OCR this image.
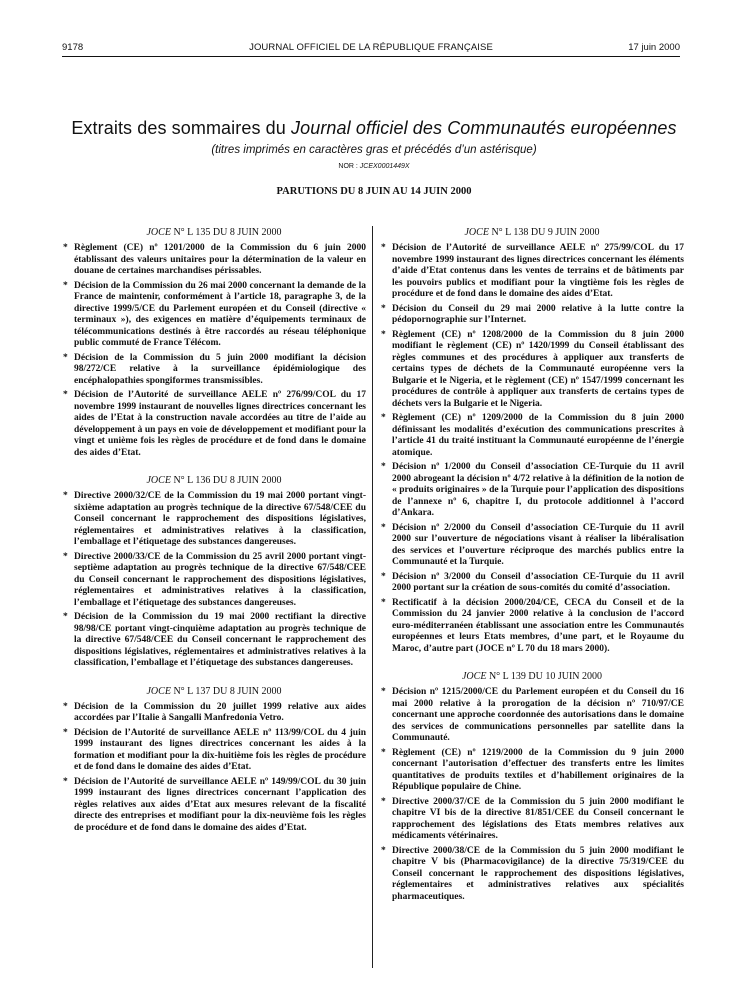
9178	JOURNAL OFFICIEL DE LA RÉPUBLIQUE FRANÇAISE	17 juin 2000
Extraits des sommaires du Journal officiel des Communautés européennes
(titres imprimés en caractères gras et précédés d’un astérisque)
NOR : JCEX0001449X
PARUTIONS DU 8 JUIN AU 14 JUIN 2000
JOCE N° L 135 DU 8 JUIN 2000
* Règlement (CE) nº 1201/2000 de la Commission du 6 juin 2000 établissant des valeurs unitaires pour la détermination de la valeur en douane de certaines marchandises périssables.
* Décision de la Commission du 26 mai 2000 concernant la demande de la France de maintenir, conformément à l’article 18, paragraphe 3, de la directive 1999/5/CE du Parlement européen et du Conseil (directive « terminaux »), des exigences en matière d’équipements terminaux de télécommunications destinés à être raccordés au réseau téléphonique public commuté de France Télécom.
* Décision de la Commission du 5 juin 2000 modifiant la décision 98/272/CE relative à la surveillance épidémiologique des encéphalopathies spongiformes transmissibles.
* Décision de l’Autorité de surveillance AELE nº 276/99/COL du 17 novembre 1999 instaurant de nouvelles lignes directrices concernant les aides de l’Etat à la construction navale accordées au titre de l’aide au développement à un pays en voie de développement et modifiant pour la vingt et unième fois les règles de procédure et de fond dans le domaine des aides d’Etat.
JOCE N° L 136 DU 8 JUIN 2000
* Directive 2000/32/CE de la Commission du 19 mai 2000 portant vingt-sixième adaptation au progrès technique de la directive 67/548/CEE du Conseil concernant le rapprochement des dispositions législatives, réglementaires et administratives relatives à la classification, l’emballage et l’étiquetage des substances dangereuses.
* Directive 2000/33/CE de la Commission du 25 avril 2000 portant vingt-septième adaptation au progrès technique de la directive 67/548/CEE du Conseil concernant le rapprochement des dispositions législatives, réglementaires et administratives relatives à la classification, l’emballage et l’étiquetage des substances dangereuses.
* Décision de la Commission du 19 mai 2000 rectifiant la directive 98/98/CE portant vingt-cinquième adaptation au progrès technique de la directive 67/548/CEE du Conseil concernant le rapprochement des dispositions législatives, réglementaires et administratives relatives à la classification, l’emballage et l’étiquetage des substances dangereuses.
JOCE N° L 137 DU 8 JUIN 2000
* Décision de la Commission du 20 juillet 1999 relative aux aides accordées par l’Italie à Sangalli Manfredonia Vetro.
* Décision de l’Autorité de surveillance AELE nº 113/99/COL du 4 juin 1999 instaurant des lignes directrices concernant les aides à la formation et modifiant pour la dix-huitième fois les règles de procédure et de fond dans le domaine des aides d’Etat.
* Décision de l’Autorité de surveillance AELE nº 149/99/COL du 30 juin 1999 instaurant des lignes directrices concernant l’application des règles relatives aux aides d’Etat aux mesures relevant de la fiscalité directe des entreprises et modifiant pour la dix-neuvième fois les règles de procédure et de fond dans le domaine des aides d’Etat.
JOCE N° L 138 DU 9 JUIN 2000
* Décision de l’Autorité de surveillance AELE nº 275/99/COL du 17 novembre 1999 instaurant des lignes directrices concernant les éléments d’aide d’Etat contenus dans les ventes de terrains et de bâtiments par les pouvoirs publics et modifiant pour la vingtième fois les règles de procédure et de fond dans le domaine des aides d’Etat.
* Décision du Conseil du 29 mai 2000 relative à la lutte contre la pédopornographie sur l’Internet.
* Règlement (CE) nº 1208/2000 de la Commission du 8 juin 2000 modifiant le règlement (CE) nº 1420/1999 du Conseil établissant des règles communes et des procédures à appliquer aux transferts de certains types de déchets de la Communauté européenne vers la Bulgarie et le Nigeria, et le règlement (CE) nº 1547/1999 concernant les procédures de contrôle à appliquer aux transferts de certains types de déchets vers la Bulgarie et le Nigeria.
* Règlement (CE) nº 1209/2000 de la Commission du 8 juin 2000 définissant les modalités d’exécution des communications prescrites à l’article 41 du traité instituant la Communauté européenne de l’énergie atomique.
* Décision nº 1/2000 du Conseil d’association CE-Turquie du 11 avril 2000 abrogeant la décision nº 4/72 relative à la définition de la notion de « produits originaires » de la Turquie pour l’application des dispositions de l’annexe nº 6, chapitre I, du protocole additionnel à l’accord d’Ankara.
* Décision nº 2/2000 du Conseil d’association CE-Turquie du 11 avril 2000 sur l’ouverture de négociations visant à réaliser la libéralisation des services et l’ouverture réciproque des marchés publics entre la Communauté et la Turquie.
* Décision nº 3/2000 du Conseil d’association CE-Turquie du 11 avril 2000 portant sur la création de sous-comités du comité d’association.
* Rectificatif à la décision 2000/204/CE, CECA du Conseil et de la Commission du 24 janvier 2000 relative à la conclusion de l’accord euro-méditerranéen établissant une association entre les Communautés européennes et leurs Etats membres, d’une part, et le Royaume du Maroc, d’autre part (JOCE nº L 70 du 18 mars 2000).
JOCE N° L 139 DU 10 JUIN 2000
* Décision nº 1215/2000/CE du Parlement européen et du Conseil du 16 mai 2000 relative à la prorogation de la décision nº 710/97/CE concernant une approche coordonnée des autorisations dans le domaine des services de communications personnelles par satellite dans la Communauté.
* Règlement (CE) nº 1219/2000 de la Commission du 9 juin 2000 concernant l’autorisation d’effectuer des transferts entre les limites quantitatives de produits textiles et d’habillement originaires de la République populaire de Chine.
* Directive 2000/37/CE de la Commission du 5 juin 2000 modifiant le chapitre VI bis de la directive 81/851/CEE du Conseil concernant le rapprochement des législations des Etats membres relatives aux médicaments vétérinaires.
* Directive 2000/38/CE de la Commission du 5 juin 2000 modifiant le chapitre V bis (Pharmacovigilance) de la directive 75/319/CEE du Conseil concernant le rapprochement des dispositions législatives, réglementaires et administratives relatives aux spécialités pharmaceutiques.
